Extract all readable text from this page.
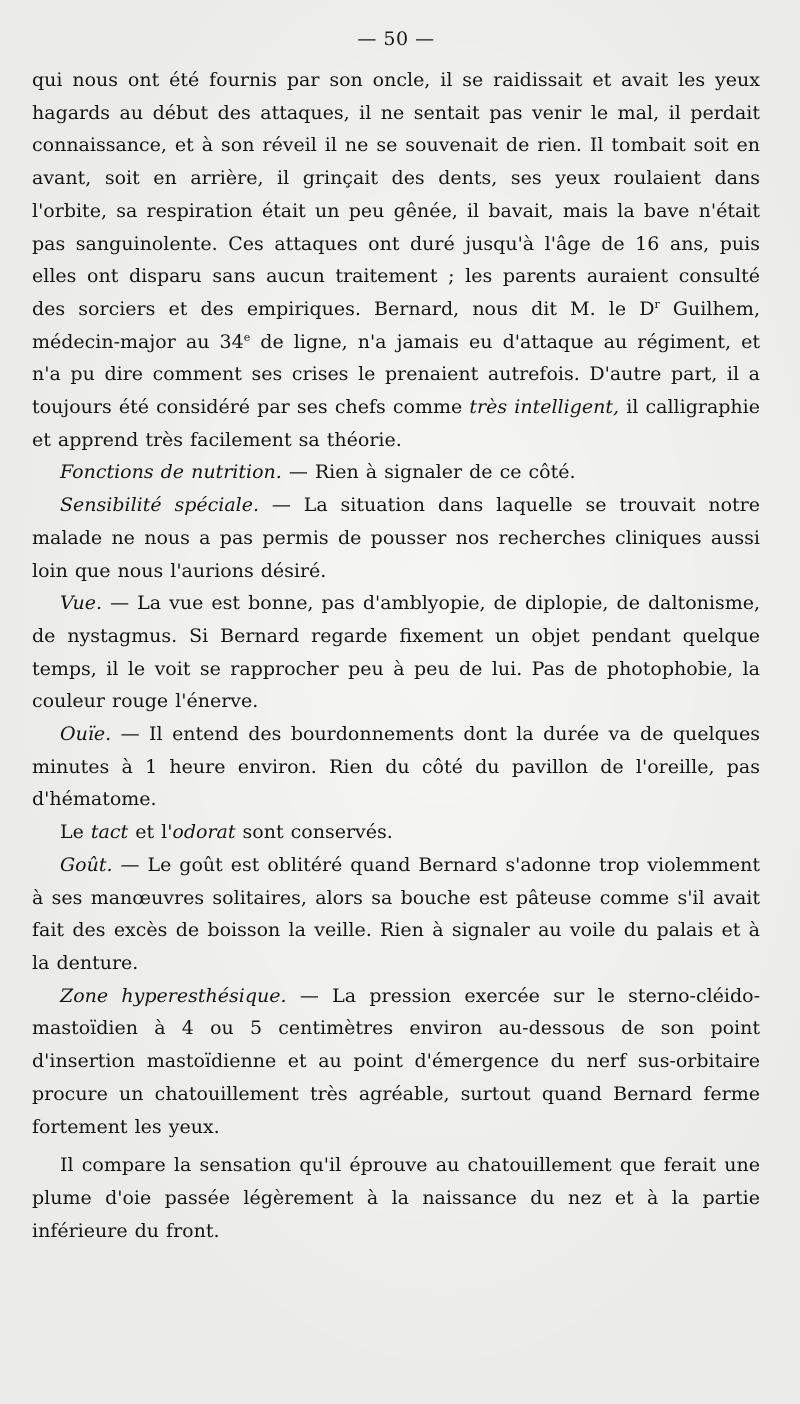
— 50 —

qui nous ont été fournis par son oncle, il se raidissait et avait les yeux hagards au début des attaques, il ne sentait pas venir le mal, il perdait connaissance, et à son réveil il ne se souvenait de rien. Il tombait soit en avant, soit en arrière, il grinçait des dents, ses yeux roulaient dans l'orbite, sa respiration était un peu gênée, il bavait, mais la bave n'était pas sanguinolente. Ces attaques ont duré jusqu'à l'âge de 16 ans, puis elles ont disparu sans aucun traitement ; les parents auraient consulté des sorciers et des empiriques. Bernard, nous dit M. le $D^r$ Guilhem, médecin-major au 34e de ligne, n'a jamais eu d'attaque au régiment, et n'a pu dire comment ses crises le prenaient autrefois. D'autre part, il a toujours été considéré par ses chefs comme très intelligent, il calligraphie et apprend très facilement sa théorie.

Fonctions de nutrition. — Rien à signaler de ce côté.

Sensibilité spéciale. — La situation dans laquelle se trouvait notre malade ne nous a pas permis de pousser nos recherches cliniques aussi loin que nous l'aurions désiré.

Vue. — La vue est bonne, pas d'amblyopie, de diplopie, de daltonisme, de nystagmus. Si Bernard regarde fixement un objet pendant quelque temps, il le voit se rapprocher peu à peu de lui. Pas de photophobie, la couleur rouge l'énerve.

Ouïe. — Il entend des bourdonnements dont la durée va de quelques minutes à 1 heure environ. Rien du côté du pavillon de l'oreille, pas d'hématome.

Le tact et l'odorat sont conservés.

Goût. — Le goût est oblitéré quand Bernard s'adonne trop violemment à ses manœuvres solitaires, alors sa bouche est pâteuse comme s'il avait fait des excès de boisson la veille. Rien à signaler au voile du palais et à la denture.

Zone hyperesthésique. — La pression exercée sur le sterno-cléido-mastoïdien à 4 ou 5 centimètres environ au-dessous de son point d'insertion mastoïdienne et au point d'émergence du nerf sus-orbitaire procure un chatouillement très agréable, surtout quand Bernard ferme fortement les yeux.

Il compare la sensation qu'il éprouve au chatouillement que ferait une plume d'oie passée légèrement à la naissance du nez et à la partie inférieure du front.
